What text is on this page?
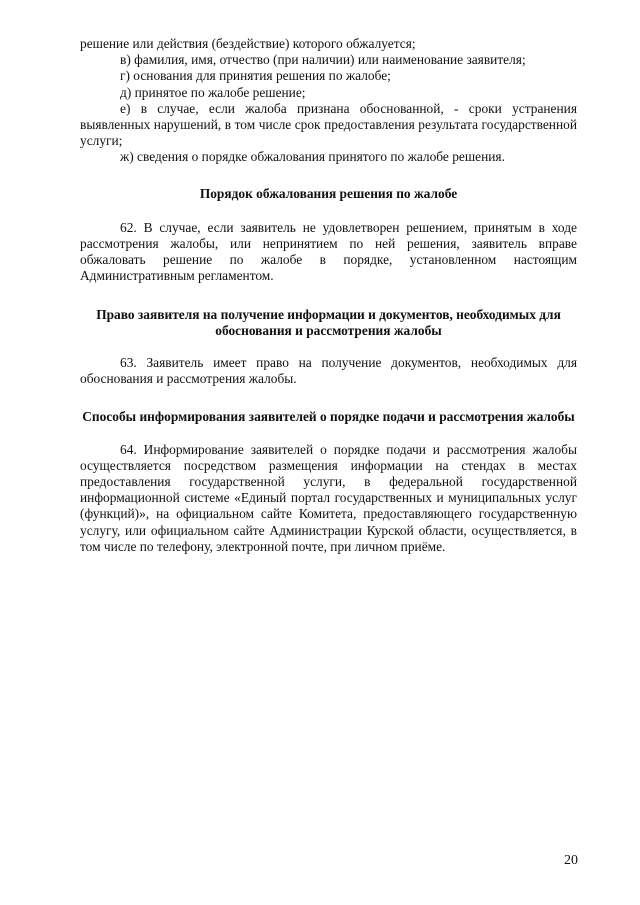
решение или действия (бездействие) которого обжалуется;

в) фамилия, имя, отчество (при наличии) или наименование заявителя;

г) основания для принятия решения по жалобе;

д) принятое по жалобе решение;

е) в случае, если жалоба признана обоснованной, - сроки устранения выявленных нарушений, в том числе срок предоставления результата государственной услуги;

ж) сведения о порядке обжалования принятого по жалобе решения.

Порядок обжалования решения по жалобе

62. В случае, если заявитель не удовлетворен решением, принятым в ходе рассмотрения жалобы, или непринятием по ней решения, заявитель вправе обжаловать решение по жалобе в порядке, установленном настоящим Административным регламентом.

Право заявителя на получение информации и документов, необходимых для обоснования и рассмотрения жалобы

63. Заявитель имеет право на получение документов, необходимых для обоснования и рассмотрения жалобы.

Способы информирования заявителей о порядке подачи и рассмотрения жалобы

64. Информирование заявителей о порядке подачи и рассмотрения жалобы осуществляется посредством размещения информации на стендах в местах предоставления государственной услуги, в федеральной государственной информационной системе «Единый портал государственных и муниципальных услуг (функций)», на официальном сайте Комитета, предоставляющего государственную услугу, или официальном сайте Администрации Курской области, осуществляется, в том числе по телефону, электронной почте, при личном приёме.

20
